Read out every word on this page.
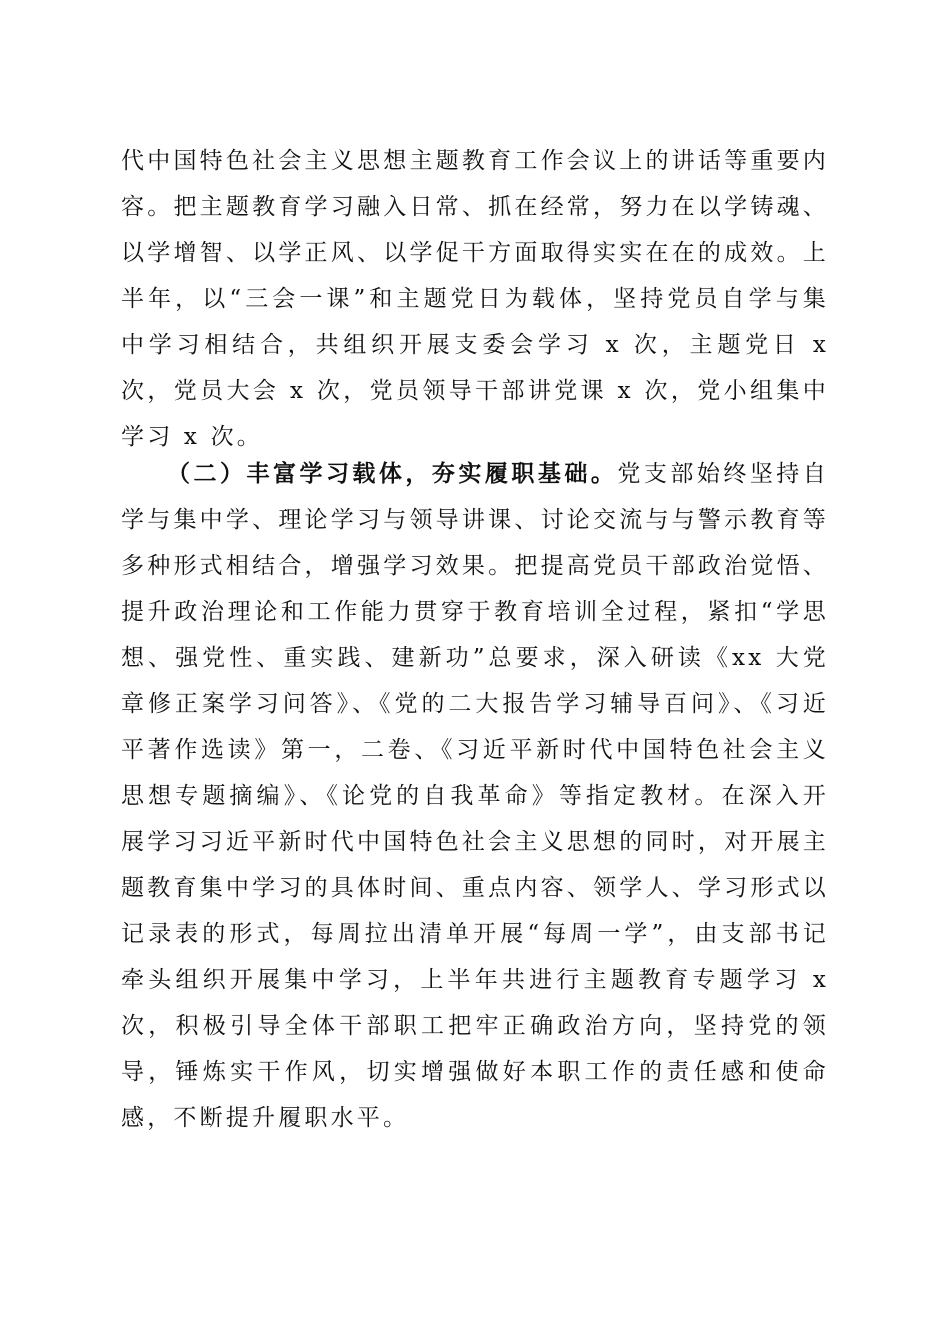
代中国特色社会主义思想主题教育工作会议上的讲话等重要内容。把主题教育学习融入日常、抓在经常，努力在以学铸魂、以学增智、以学正风、以学促干方面取得实实在在的成效。上半年，以“三会一课”和主题党日为载体，坚持党员自学与集中学习相结合，共组织开展支委会学习 x 次，主题党日 x 次，党员大会 x 次，党员领导干部讲党课 x 次，党小组集中学习 x 次。

（二）丰富学习载体，夯实履职基础。党支部始终坚持自学与集中学、理论学习与领导讲课、讨论交流与与警示教育等多种形式相结合，增强学习效果。把提高党员干部政治觉悟、提升政治理论和工作能力贯穿于教育培训全过程，紧扣“学思想、强党性、重实践、建新功”总要求，深入研读《xx 大党章修正案学习问答》、《党的二大报告学习辅导百问》、《习近平著作选读》第一，二卷、《习近平新时代中国特色社会主义思想专题摘编》、《论党的自我革命》等指定教材。在深入开展学习习近平新时代中国特色社会主义思想的同时，对开展主题教育集中学习的具体时间、重点内容、领学人、学习形式以记录表的形式，每周拉出清单开展“每周一学”，由支部书记牵头组织开展集中学习，上半年共进行主题教育专题学习 x 次，积极引导全体干部职工把牢正确政治方向，坚持党的领导，锤炼实干作风，切实增强做好本职工作的责任感和使命感，不断提升履职水平。
